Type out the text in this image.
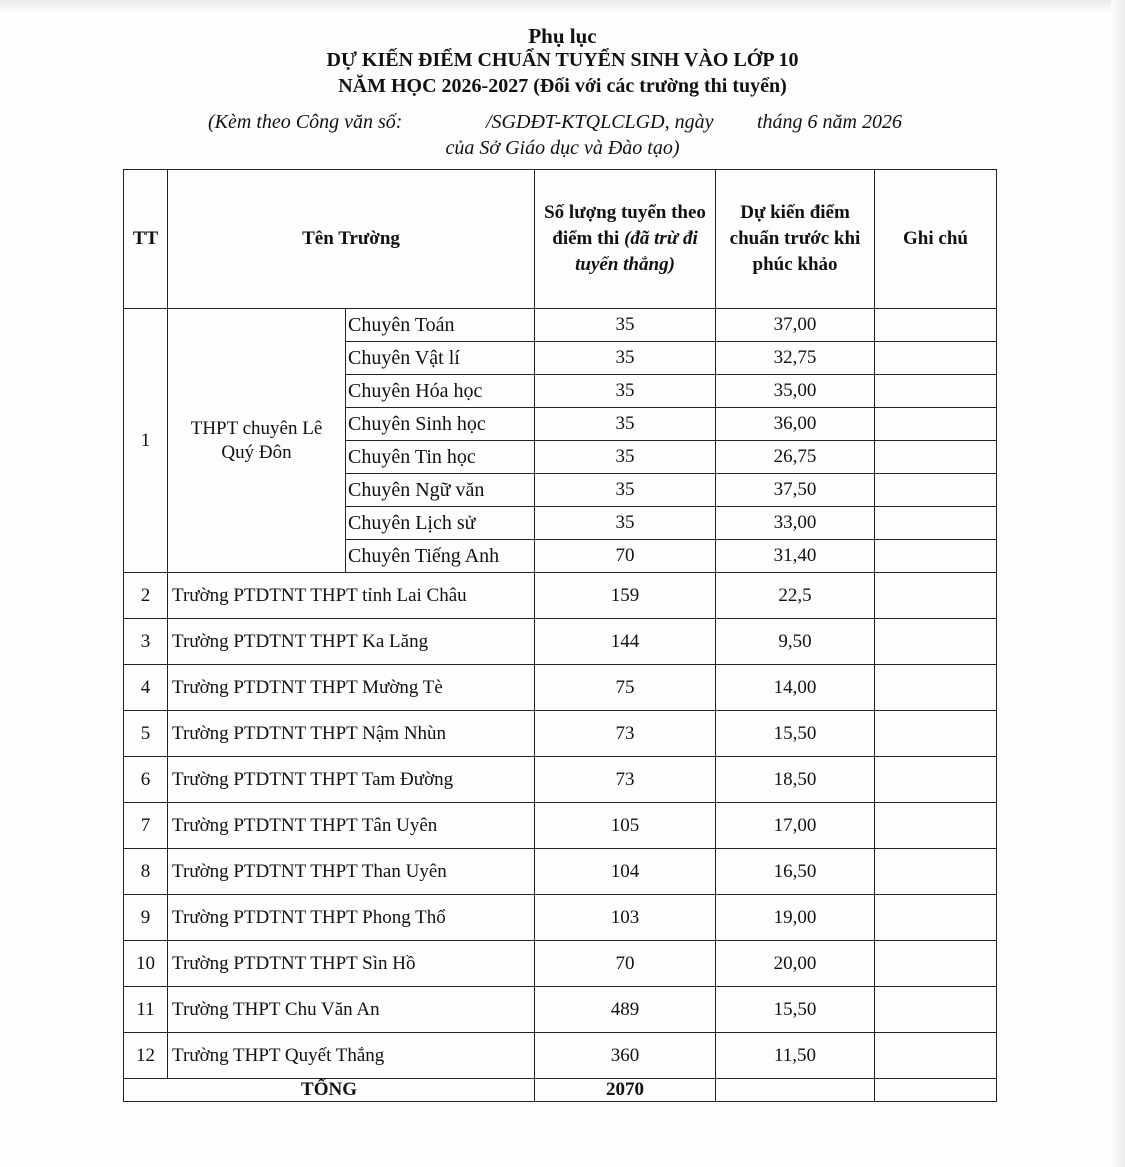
Phụ lục
DỰ KIẾN ĐIỂM CHUẨN TUYỂN SINH VÀO LỚP 10
NĂM HỌC 2026-2027 (Đối với các trường thi tuyển)
(Kèm theo Công văn số:	/SGDĐT-KTQLCLGD, ngày tháng 6 năm 2026
của Sở Giáo dục và Đào tạo)
TT	Tên Trường		Số lượng tuyển theo điểm thi (đã trừ đi tuyển thẳng)	Dự kiến điểm chuẩn trước khi phúc khảo	Ghi chú
1	THPT chuyên Lê Quý Đôn	Chuyên Toán	35	37,00	
		Chuyên Vật lí	35	32,75	
		Chuyên Hóa học	35	35,00	
		Chuyên Sinh học	35	36,00	
		Chuyên Tin học	35	26,75	
		Chuyên Ngữ văn	35	37,50	
		Chuyên Lịch sử	35	33,00	
		Chuyên Tiếng Anh	70	31,40	
2	Trường PTDTNT THPT tỉnh Lai Châu		159	22,5	
3	Trường PTDTNT THPT Ka Lăng		144	9,50	
4	Trường PTDTNT THPT Mường Tè		75	14,00	
5	Trường PTDTNT THPT Nậm Nhùn		73	15,50	
6	Trường PTDTNT THPT Tam Đường		73	18,50	
7	Trường PTDTNT THPT Tân Uyên		105	17,00	
8	Trường PTDTNT THPT Than Uyên		104	16,50	
9	Trường PTDTNT THPT Phong Thổ		103	19,00	
10	Trường PTDTNT THPT Sìn Hồ		70	20,00	
11	Trường THPT Chu Văn An		489	15,50	
12	Trường THPT Quyết Thắng		360	11,50	
TỔNG			2070		
